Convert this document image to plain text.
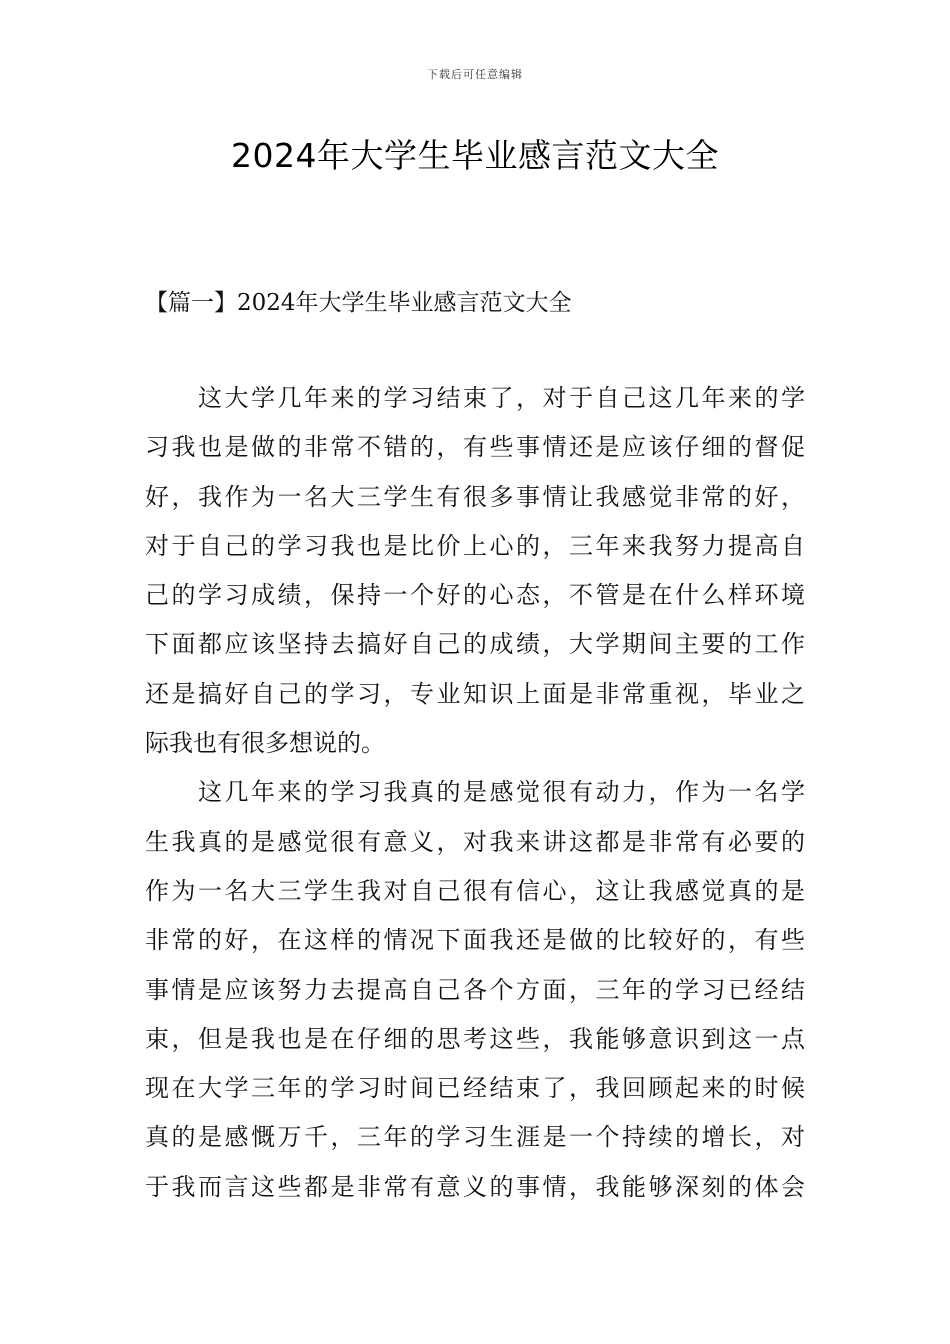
下载后可任意编辑
2024年大学生毕业感言范文大全
【篇一】2024年大学生毕业感言范文大全
　　这大学几年来的学习结束了，对于自己这几年来的学
习我也是做的非常不错的，有些事情还是应该仔细的督促
好，我作为一名大三学生有很多事情让我感觉非常的好，
对于自己的学习我也是比价上心的，三年来我努力提高自
己的学习成绩，保持一个好的心态，不管是在什么样环境
下面都应该坚持去搞好自己的成绩，大学期间主要的工作
还是搞好自己的学习，专业知识上面是非常重视，毕业之
际我也有很多想说的。
　　这几年来的学习我真的是感觉很有动力，作为一名学
生我真的是感觉很有意义，对我来讲这都是非常有必要的
作为一名大三学生我对自己很有信心，这让我感觉真的是
非常的好，在这样的情况下面我还是做的比较好的，有些
事情是应该努力去提高自己各个方面，三年的学习已经结
束，但是我也是在仔细的思考这些，我能够意识到这一点
现在大学三年的学习时间已经结束了，我回顾起来的时候
真的是感慨万千，三年的学习生涯是一个持续的增长，对
于我而言这些都是非常有意义的事情，我能够深刻的体会
